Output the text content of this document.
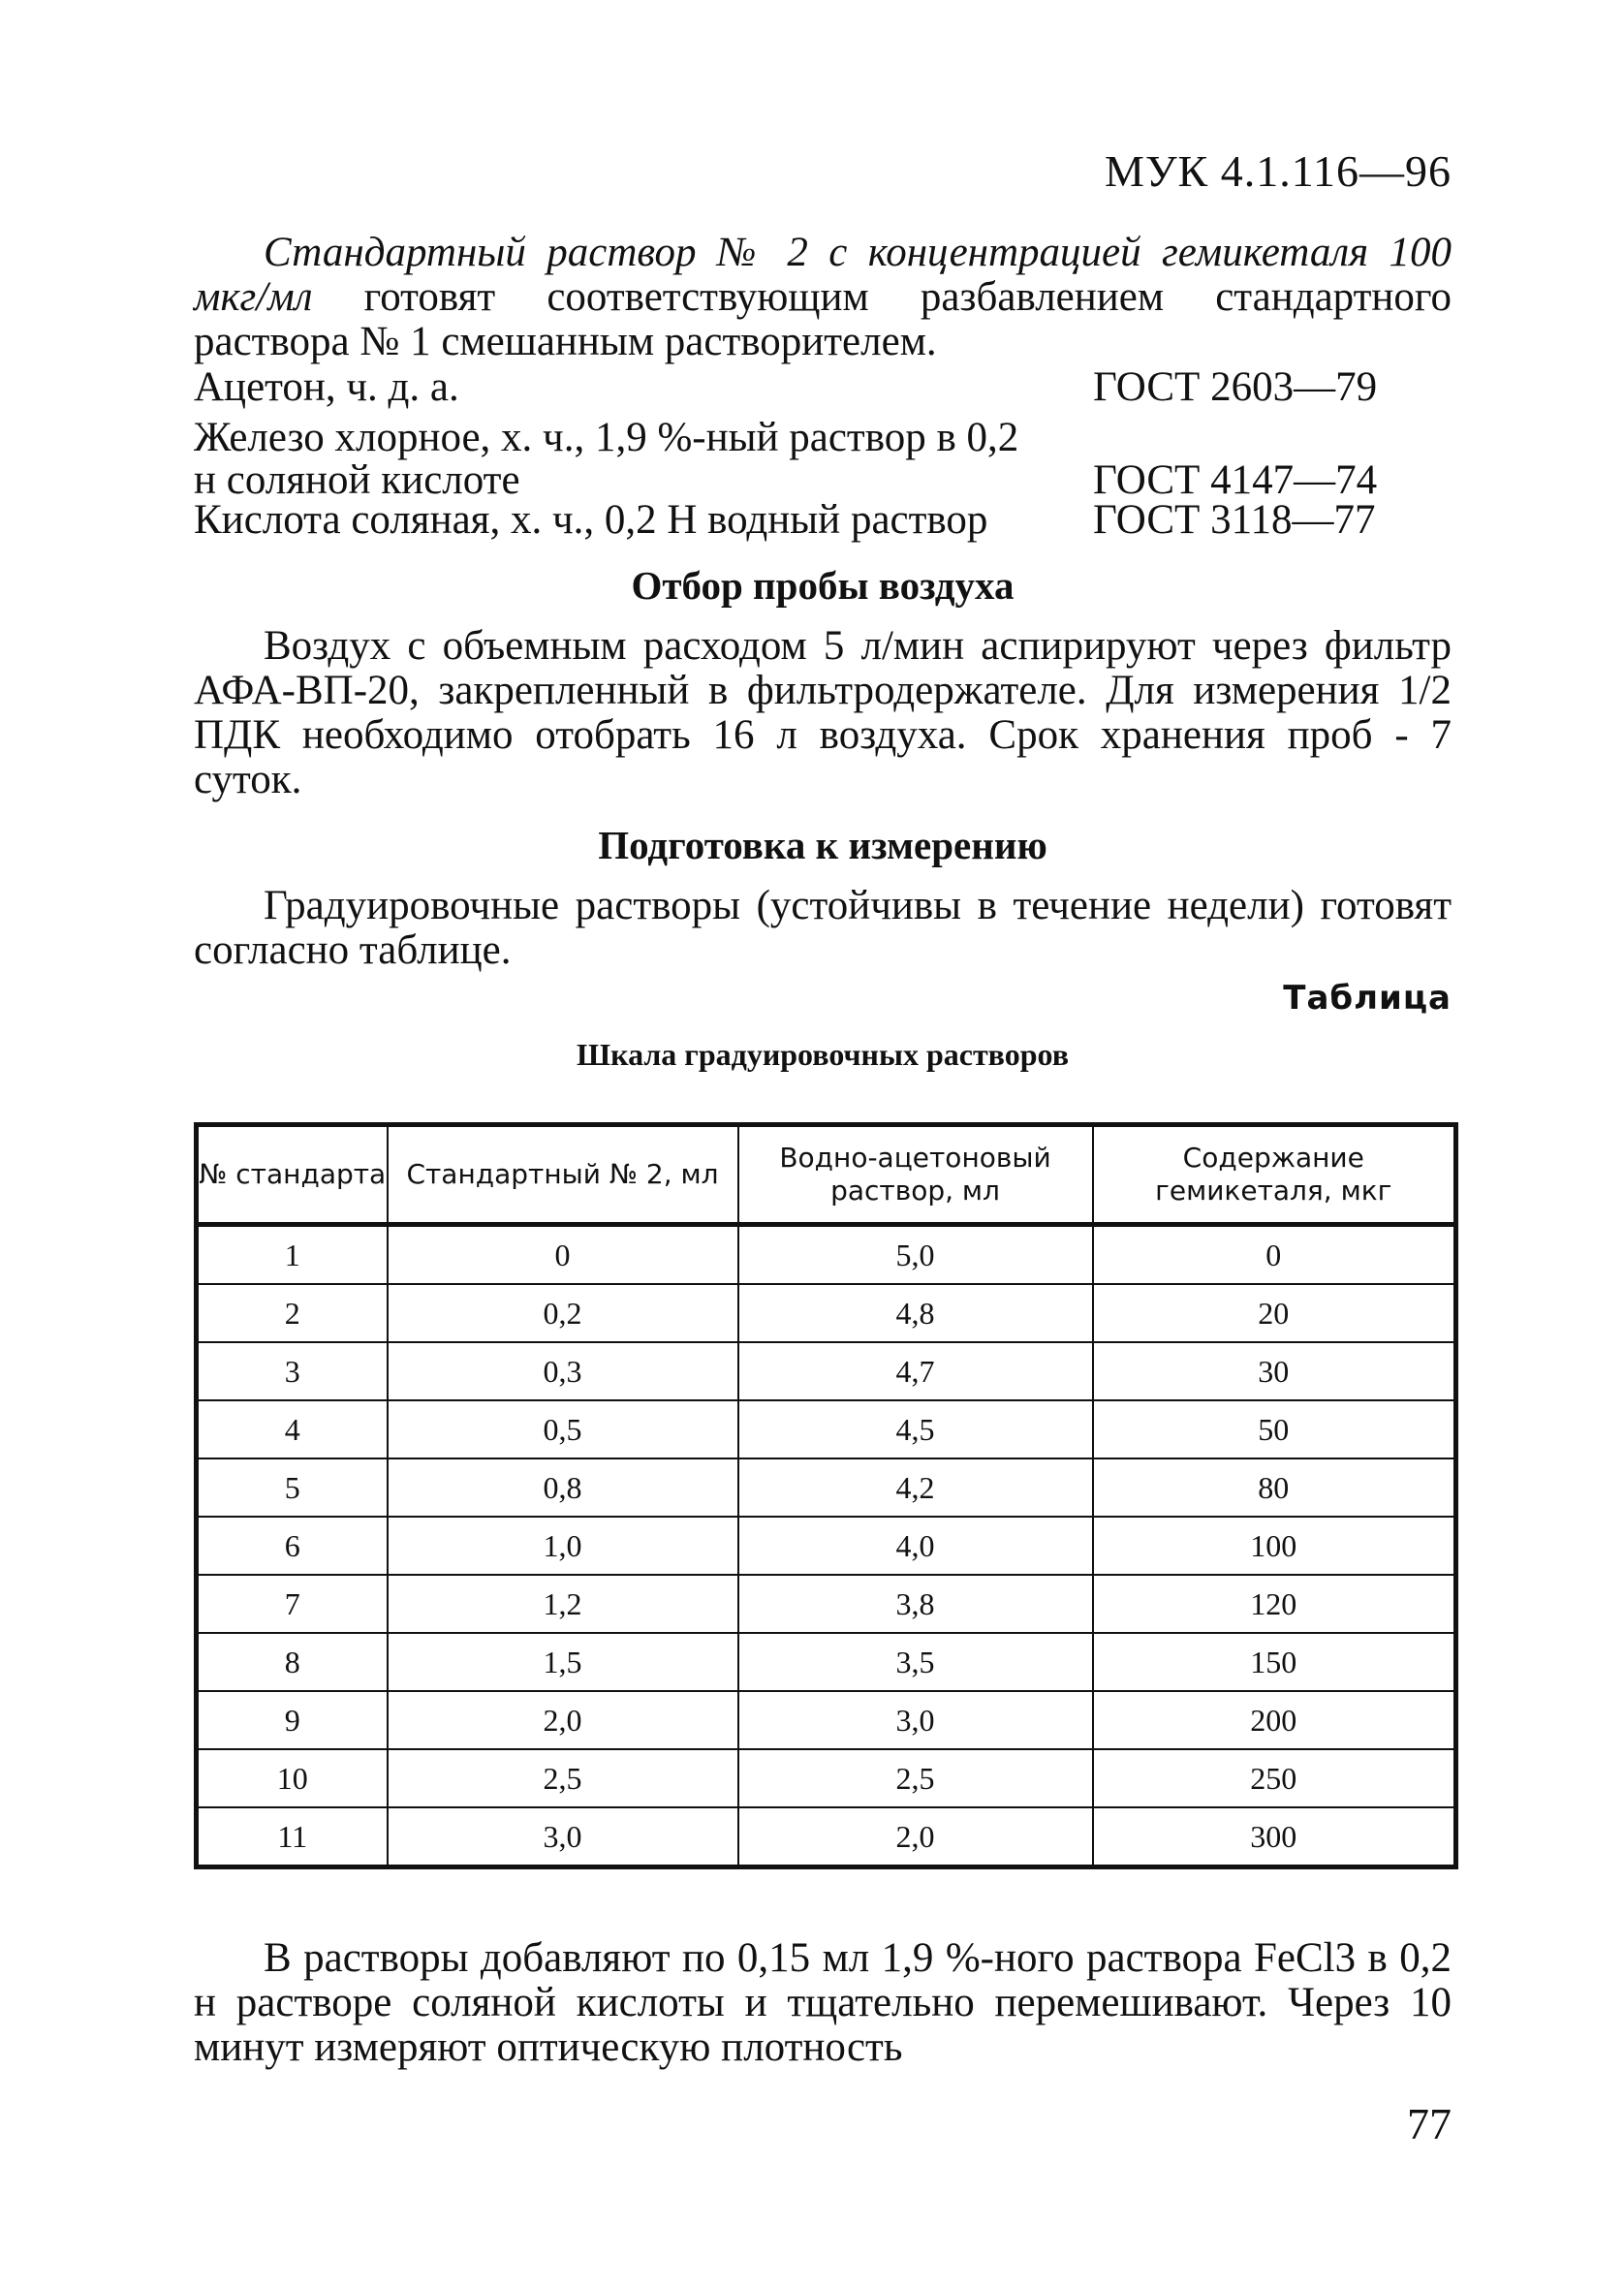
МУК 4.1.116—96
Стандартный раствор № 2 с концентрацией гемикеталя 100 мкг/мл готовят соответствующим разбавлением стандартного раствора № 1 смешанным растворителем.
Ацетон, ч. д. а.	ГОСТ 2603—79
Железо хлорное, х. ч., 1,9 %-ный раствор в 0,2 н соляной кислоте	ГОСТ 4147—74
Кислота соляная, х. ч., 0,2 Н водный раствор	ГОСТ 3118—77
Отбор пробы воздуха
Воздух с объемным расходом 5 л/мин аспирируют через фильтр АФА-ВП-20, закрепленный в фильтродержателе. Для измерения 1/2 ПДК необходимо отобрать 16 л воздуха. Срок хранения проб - 7 суток.
Подготовка к измерению
Градуировочные растворы (устойчивы в течение недели) готовят согласно таблице.
Таблица
Шкала градуировочных растворов
№ стандарта	Стандартный № 2, мл	Водно-ацетоновый раствор, мл	Содержание гемикеталя, мкг
1	0	5,0	0
2	0,2	4,8	20
3	0,3	4,7	30
4	0,5	4,5	50
5	0,8	4,2	80
6	1,0	4,0	100
7	1,2	3,8	120
8	1,5	3,5	150
9	2,0	3,0	200
10	2,5	2,5	250
11	3,0	2,0	300
В растворы добавляют по 0,15 мл 1,9 %-ного раствора FeCl3 в 0,2 н растворе соляной кислоты и тщательно перемешивают. Через 10 минут измеряют оптическую плотность
77
